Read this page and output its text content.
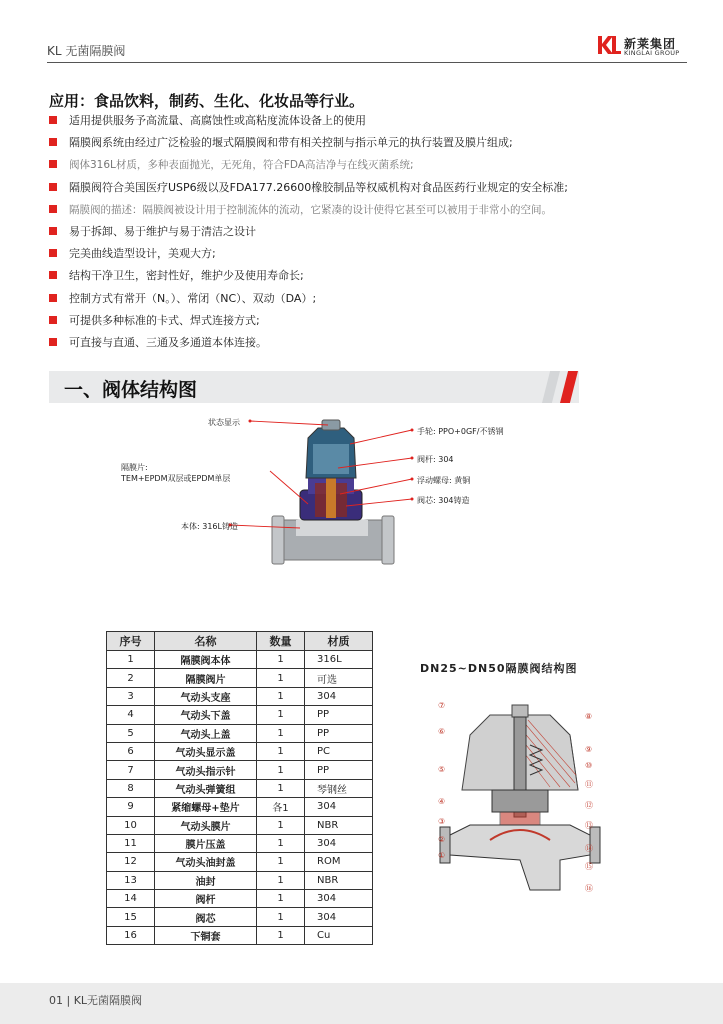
KL 无菌隔膜阀	新莱集团
KINGLAI GROUP
应用：食品饮料，制药、生化、化妆品等行业。
适用提供服务予高流量、高腐蚀性或高粘度流体设备上的使用
隔膜阀系统由经过广泛检验的堰式隔膜阀和带有相关控制与指示单元的执行装置及膜片组成;
阀体316L材质，多种表面抛光，无死角，符合FDA高洁净与在线灭菌系统;
隔膜阀符合美国医疗USP6级以及FDA177.26600橡胶制品等权威机构对食品医药行业规定的安全标准;
隔膜阀的描述：隔膜阀被设计用于控制流体的流动，它紧凑的设计使得它甚至可以被用于非常小的空间。
易于拆卸、易于维护与易于清洁之设计
完美曲线造型设计，美观大方;
结构干净卫生，密封性好，维护少及使用寿命长;
控制方式有常开（N。）、常闭（NC）、双动（DA）;
可提供多种标准的卡式、焊式连接方式;
可直接与直通、三通及多通道本体连接。
一、阀体结构图
状态显示
隔膜片:
TEM+EPDM双层或EPDM单层
本体: 316L铸造
手轮: PPO+0GF/不锈钢
阀杆: 304
浮动螺母: 黄铜
阀芯: 304铸造
序号	名称	数量	材质
1	隔膜阀本体	1	316L
2	隔膜阀片	1	可选
3	气动头支座	1	304
4	气动头下盖	1	PP
5	气动头上盖	1	PP
6	气动头显示盖	1	PC
7	气动头指示针	1	PP
8	气动头弹簧组	1	琴钢丝
9	紧缩螺母+垫片	各1	304
10	气动头膜片	1	NBR
11	膜片压盖	1	304
12	气动头油封盖	1	ROM
13	油封	1	NBR
14	阀杆	1	304
15	阀芯	1	304
16	下铜套	1	Cu
DN25~DN50隔膜阀结构图
⑦
⑥
⑤
④
③
②
①
⑧
⑨
⑩
⑪
⑫
⑬
⑭
⑮
⑯
01 | KL无菌隔膜阀
